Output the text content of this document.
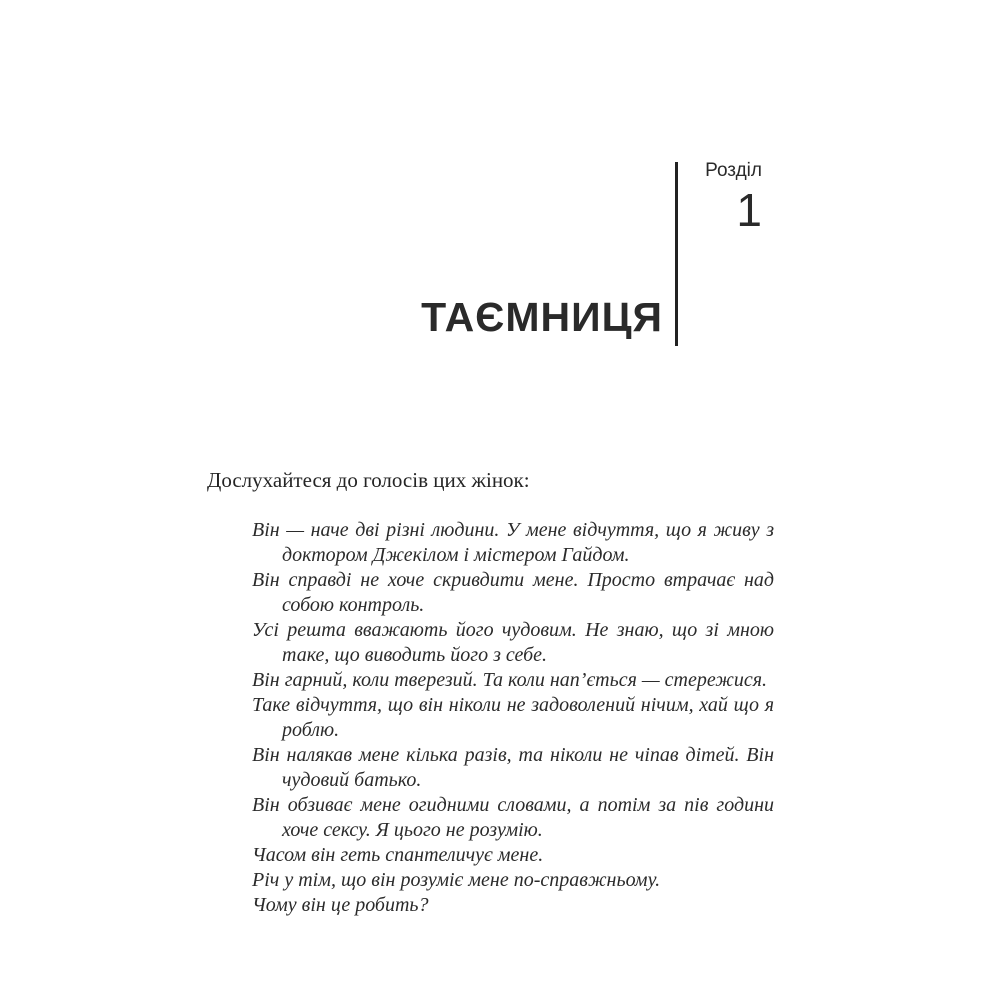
ТАЄМНИЦЯ
Розділ
1

Дослухайтеся до голосів цих жінок:

Він — наче дві різні людини. У мене відчуття, що я живу з доктором Джекілом і містером Гайдом.

Він справді не хоче скривдити мене. Просто втрачає над собою контроль.

Усі решта вважають його чудовим. Не знаю, що зі мною таке, що виводить його з себе.

Він гарний, коли тверезий. Та коли нап’ється — стережися.

Таке відчуття, що він ніколи не задоволений нічим, хай що я роблю.

Він налякав мене кілька разів, та ніколи не чіпав дітей. Він чудовий батько.

Він обзиває мене огидними словами, а потім за пів години хоче сексу. Я цього не розумію.

Часом він геть спантеличує мене.

Річ у тім, що він розуміє мене по-справжньому.

Чому він це робить?
